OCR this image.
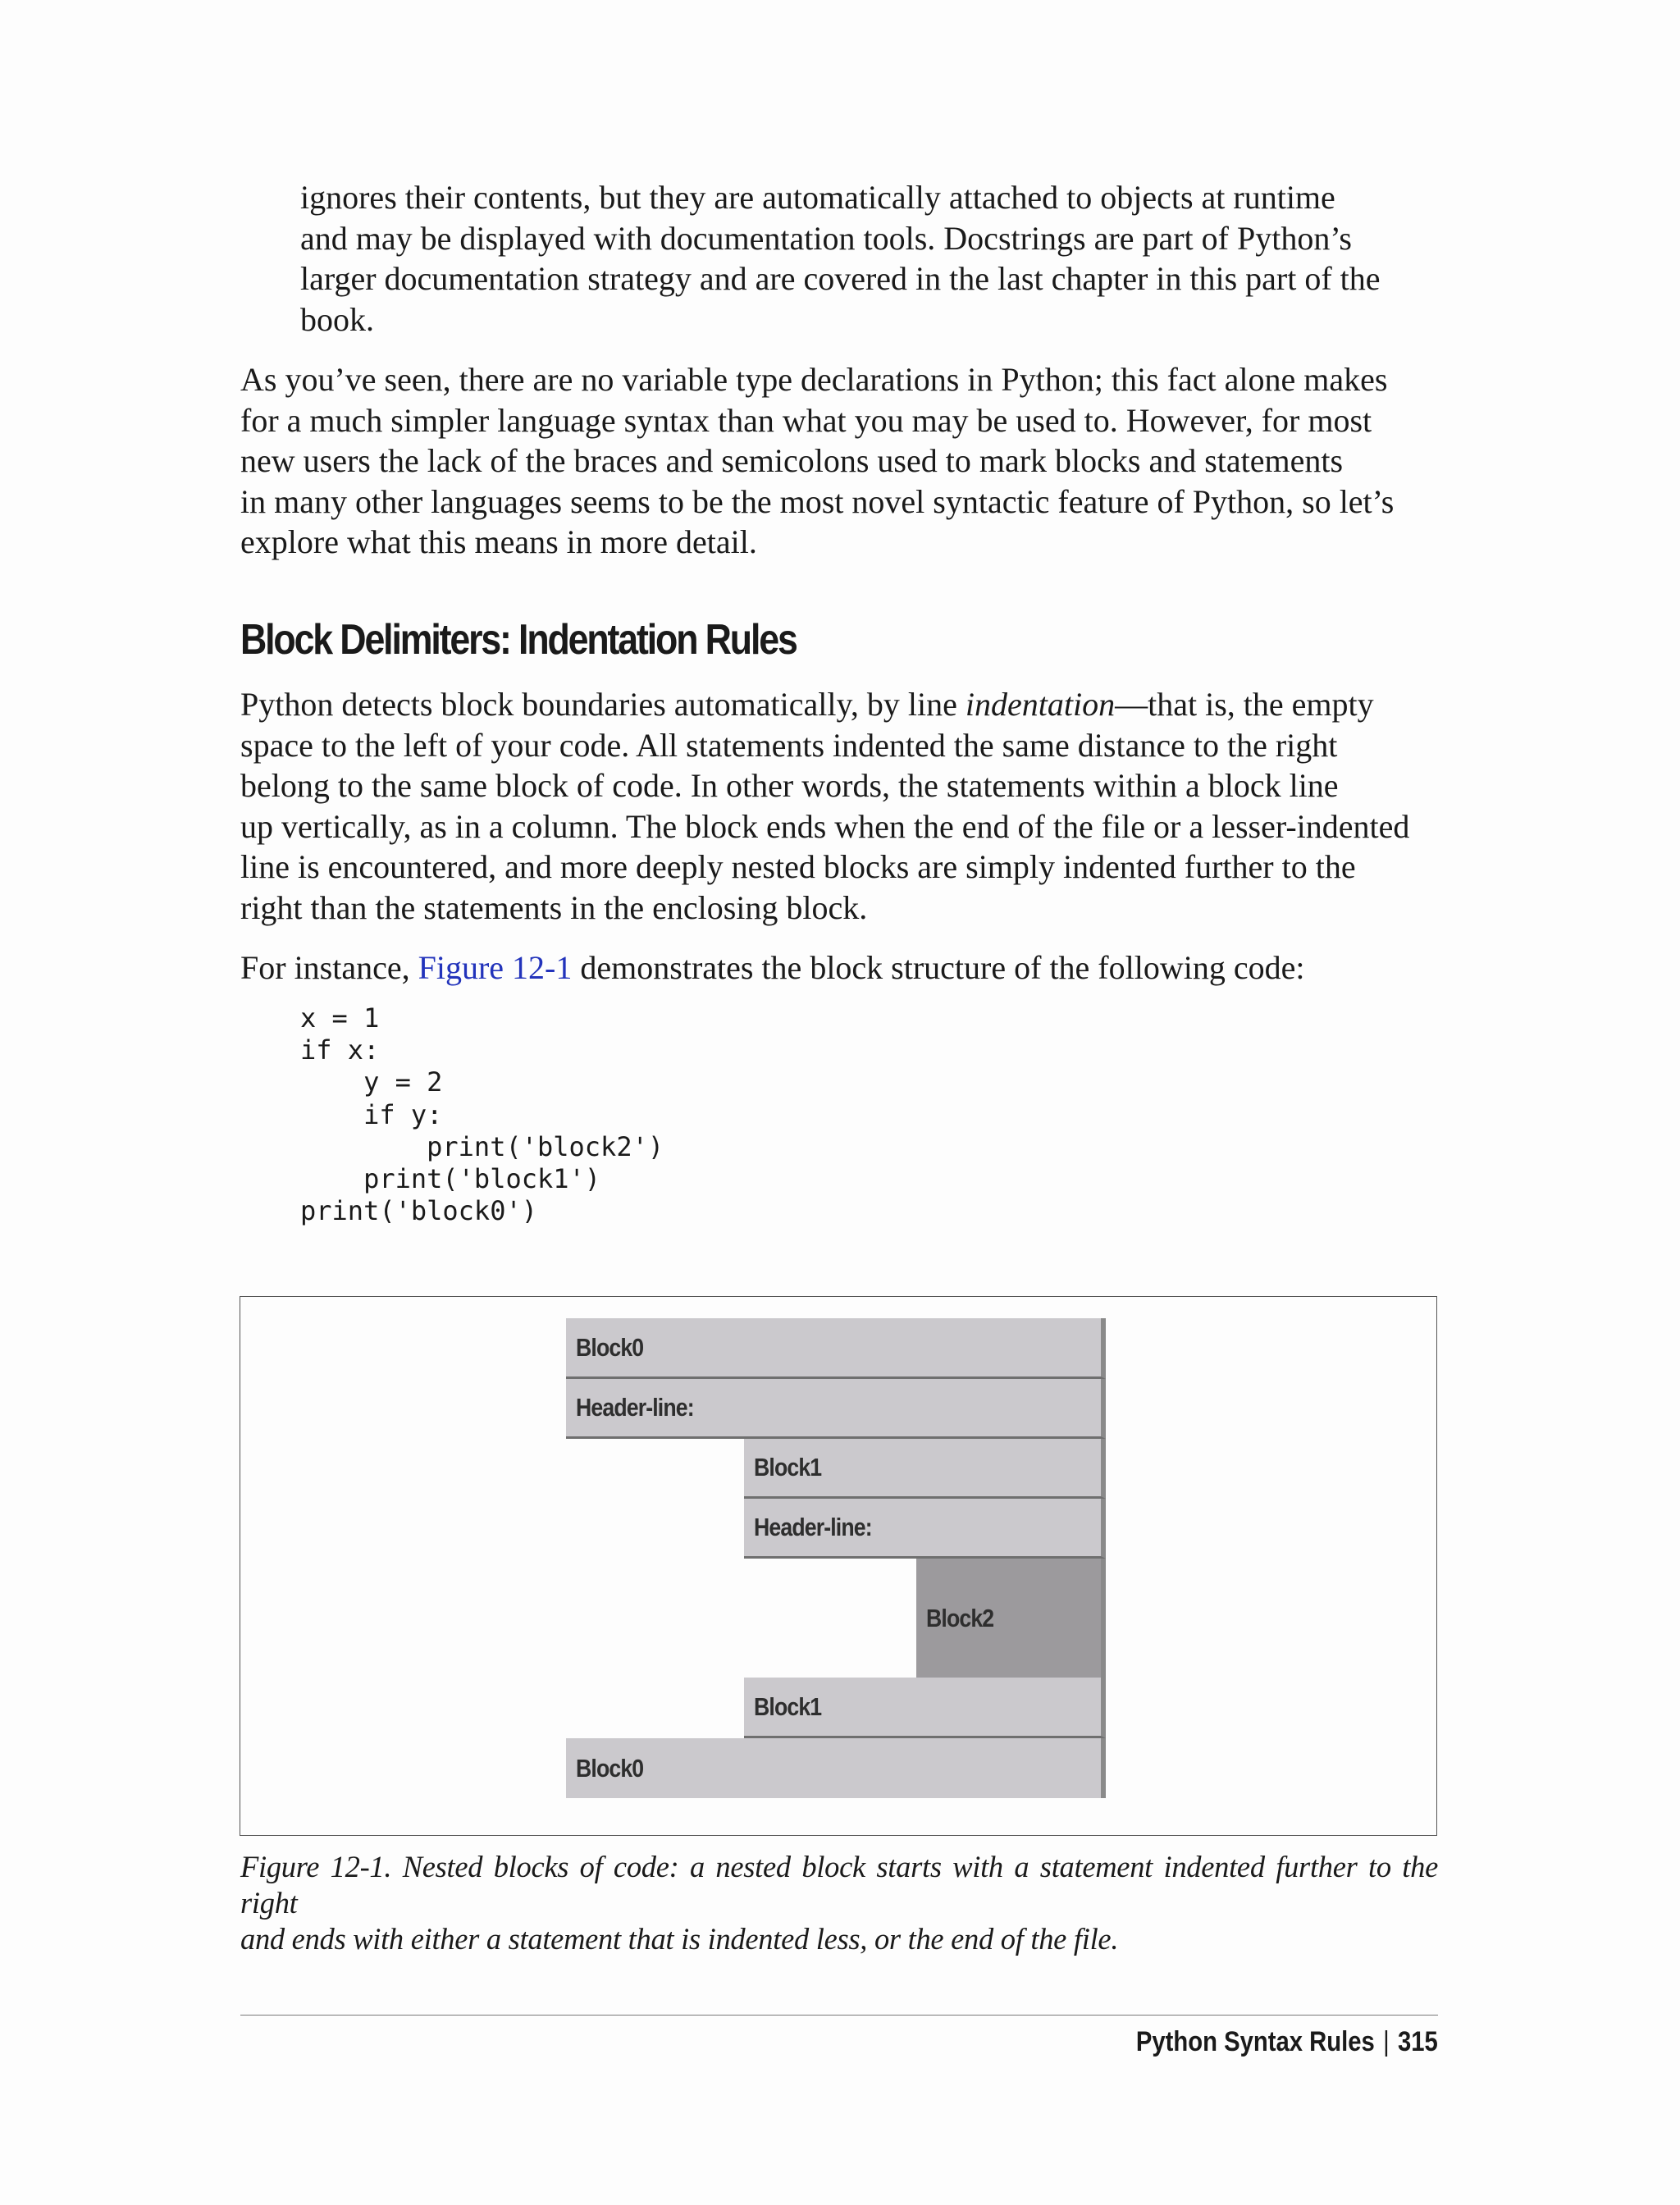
ignores their contents, but they are automatically attached to objects at runtime

and may be displayed with documentation tools. Docstrings are part of Python’s

larger documentation strategy and are covered in the last chapter in this part of the

book.

As you’ve seen, there are no variable type declarations in Python; this fact alone makes

for a much simpler language syntax than what you may be used to. However, for most

new users the lack of the braces and semicolons used to mark blocks and statements

in many other languages seems to be the most novel syntactic feature of Python, so let’s

explore what this means in more detail.

Block Delimiters: Indentation Rules

Python detects block boundaries automatically, by line indentation—that is, the empty

space to the left of your code. All statements indented the same distance to the right

belong to the same block of code. In other words, the statements within a block line

up vertically, as in a column. The block ends when the end of the file or a lesser-indented

line is encountered, and more deeply nested blocks are simply indented further to the

right than the statements in the enclosing block.

For instance, Figure 12-1 demonstrates the block structure of the following code:
x = 1
if x:
y = 2
if y:
print('block2')
print('block1')
print('block0')
Block0
Header-line:
Block1
Header-line:
Block2
Block1
Block0

Figure 12-1. Nested blocks of code: a nested block starts with a statement indented further to the right

and ends with either a statement that is indented less, or the end of the file.

Python Syntax Rules | 315
